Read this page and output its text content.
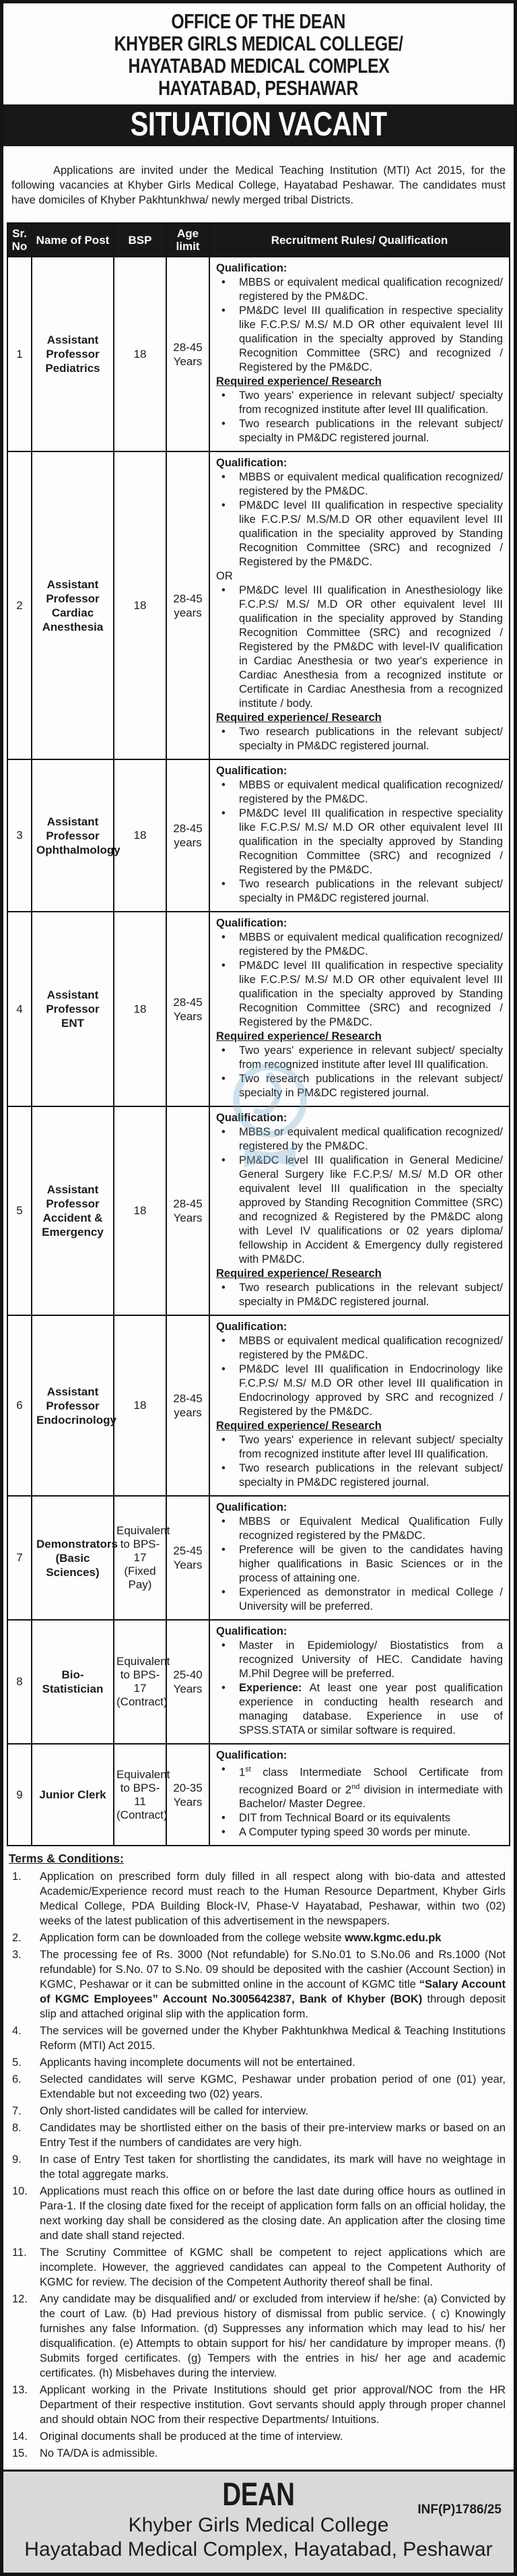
OFFICE OF THE DEAN
KHYBER GIRLS MEDICAL COLLEGE/
HAYATABAD MEDICAL COMPLEX
HAYATABAD, PESHAWAR
SITUATION VACANT

Applications are invited under the Medical Teaching Institution (MTI) Act 2015, for the following vacancies at Khyber Girls Medical College, Hayatabad Peshawar. The candidates must have domiciles of Khyber Pakhtunkhwa/ newly merged tribal Districts.

Sr. No	Name of Post	BSP	Age limit	Recruitment Rules/ Qualification
1	Assistant Professor Pediatrics	18	28-45 Years	
Qualification:
•	MBBS or equivalent medical qualification recognized/ registered by the PM&DC.
•	PM&DC level III qualification in respective speciality like F.C.P.S/ M.S/ M.D OR other equivalent level III qualification in the specialty approved by Standing Recognition Committee (SRC) and recognized / Registered by the PM&DC.
Required experience/ Research
•	Two years' experience in relevant subject/ specialty from recognized institute after level III qualification.
•	Two research publications in the relevant subject/ specialty in PM&DC registered journal.

2	Assistant Professor Cardiac Anesthesia	18	28-45 years	
Qualification:
•	MBBS or equivalent medical qualification recognized/ registered by the PM&DC.
•	PM&DC level III qualification in respective speciality like F.C.P.S/ M.S/M.D OR other equavilent level III qualification in the speciality approved by Standing Recognition Committee (SRC) and recognized / Registered by the PM&DC.
OR
•	PM&DC level III qualification in Anesthesiology like F.C.P.S/ M.S/ M.D OR other equivalent level III qualification in the speciality approved by Standing Recognition Committee (SRC) and recognized / Registered by the PM&DC with level-IV qualification in Cardiac Anesthesia or two year's experience in Cardiac Anesthesia from a recognized institute or Certificate in Cardiac Anesthesia from a recognized institute / body.
Required experience/ Research
•	Two research publications in the relevant subject/ specialty in PM&DC registered journal.

3	Assistant Professor Ophthalmology	18	28-45 years	
Qualification:
•	MBBS or equivalent medical qualification recognized/ registered by the PM&DC.
•	PM&DC level III qualification in respective speciality like F.C.P.S/ M.S/ M.D OR other equivalent level III qualification in the specialty approved by Standing Recognition Committee (SRC) and recognized / Registered by the PM&DC.
•	Two research publications in the relevant subject/ specialty in PM&DC registered journal.

4	Assistant Professor ENT	18	28-45 Years	
Qualification:
•	MBBS or equivalent medical qualification recognized/ registered by the PM&DC.
•	PM&DC level III qualification in respective speciality like F.C.P.S/ M.S/ M.D OR other equivalent level III qualification in the specialty approved by Standing Recognition Committee (SRC) and recognized / Registered by the PM&DC.
Required experience/ Research
•	Two years' experience in relevant subject/ specialty from recognized institute after level III qualification.
•	Two research publications in the relevant subject/ specialty in PM&DC registered journal.

5	Assistant Professor Accident & Emergency	18	28-45 Years	
Qualification:
•	MBBS or equivalent medical qualification recognized/ registered by the PM&DC.
•	PM&DC level III qualification in General Medicine/ General Surgery like F.C.P.S/ M.S/ M.D OR other equivalent level III qualification in the specialty approved by Standing Recognition Committee (SRC) and recognized & Registered by the PM&DC along with Level IV qualifications or 02 years diploma/ fellowship in Accident & Emergency dully registered with PM&DC.
Required experience/ Research
•	Two research publications in the relevant subject/ specialty in PM&DC registered journal.

6	Assistant Professor Endocrinology	18	28-45 years	
Qualification:
•	MBBS or equivalent medical qualification recognized/ registered by the PM&DC.
•	PM&DC level III qualification in Endocrinology like F.C.P.S/ M.S/ M.D OR other level III qualification in Endocrinology approved by SRC and recognized / Registered by the PM&DC.
Required experience/ Research
•	Two years' experience in relevant subject/ specialty from recognized institute after level III qualification.
•	Two research publications in the relevant subject/ specialty in PM&DC registered journal.

7	Demonstrators (Basic Sciences)	Equivalent to BPS-17 (Fixed Pay)	25-45 Years	
Qualification:
•	MBBS or Equivalent Medical Qualification Fully recognized registered by the PM&DC.
•	Preference will be given to the candidates having higher qualifications in Basic Sciences or in the process of attaining one.
•	Experienced as demonstrator in medical College / University will be preferred.

8	Bio-Statistician	Equivalent to BPS-17 (Contract)	25-40 Years	Qualification:
• Master in Epidemiology/ Biostatistics from a recognized University of HEC. Candidate having M.Phil Degree will be preferred.
• Experience: At least one year post qualification experience in conducting health research and managing database. Experience in use of SPSS.STATA or similar software is required.

9	Junior Clerk	Equivalent to BPS-11 (Contract)	20-35 Years	
Qualification:
•	1st class Intermediate School Certificate from recognized Board or 2nd division in intermediate with Bachelor/ Master Degree.
•	DIT from Technical Board or its equivalents
•	A Computer typing speed 30 words per minute.
Terms & Conditions:
1.	Application on prescribed form duly filled in all respect along with bio-data and attested Academic/Experience record must reach to the Human Resource Department, Khyber Girls Medical College, PDA Building Block-IV, Phase-V Hayatabad, Peshawar, within two (02) weeks of the latest publication of this advertisement in the newspapers.
2.	Application form can be downloaded from the college website www.kgmc.edu.pk
3.	The processing fee of Rs. 3000 (Not refundable) for S.No.01 to S.No.06 and Rs.1000 (Not refundable) for S.No. 07 to S.No. 09 should be deposited with the cashier (Account Section) in KGMC, Peshawar or it can be submitted online in the account of KGMC title “Salary Account of KGMC Employees” Account No.3005642387, Bank of Khyber (BOK) through deposit slip and attached original slip with the application form.
4.	The services will be governed under the Khyber Pakhtunkhwa Medical & Teaching Institutions Reform (MTI) Act 2015.
5.	Applicants having incomplete documents will not be entertained.
6.	Selected candidates will serve KGMC, Peshawar under probation period of one (01) year, Extendable but not exceeding two (02) years.
7.	Only short-listed candidates will be called for interview.
8.	Candidates may be shortlisted either on the basis of their pre-interview marks or based on an Entry Test if the numbers of candidates are very high.
9.	In case of Entry Test taken for shortlisting the candidates, its mark will have no weightage in the total aggregate marks.
10.	Applications must reach this office on or before the last date during office hours as outlined in Para-1. If the closing date fixed for the receipt of application form falls on an official holiday, the next working day shall be considered as the closing date. An application after the closing time and date shall stand rejected.
11.	The Scrutiny Committee of KGMC shall be competent to reject applications which are incomplete. However, the aggrieved candidates can appeal to the Competent Authority of KGMC for review. The decision of the Competent Authority thereof shall be final.
12.	Any candidate may be disqualified and/ or excluded from interview if he/she: (a) Convicted by the court of Law. (b) Had previous history of dismissal from public service. ( c) Knowingly furnishes any false Information. (d) Suppresses any information which may lead to his/ her disqualification. (e) Attempts to obtain support for his/ her candidature by improper means. (f) Submits forged certificates. (g) Tempers with the entries in his/ her age and academic certificates. (h) Misbehaves during the interview.
13.	Applicant working in the Private Institutions should get prior approval/NOC from the HR Department of their respective institution. Govt servants should apply through proper channel and should obtain NOC from their respective Departments/ Intuitions.
14.	Original documents shall be produced at the time of interview.
15.	No TA/DA is admissible.
DEAN	INF(P)1786/25
Khyber Girls Medical College
Hayatabad Medical Complex, Hayatabad, Peshawar
